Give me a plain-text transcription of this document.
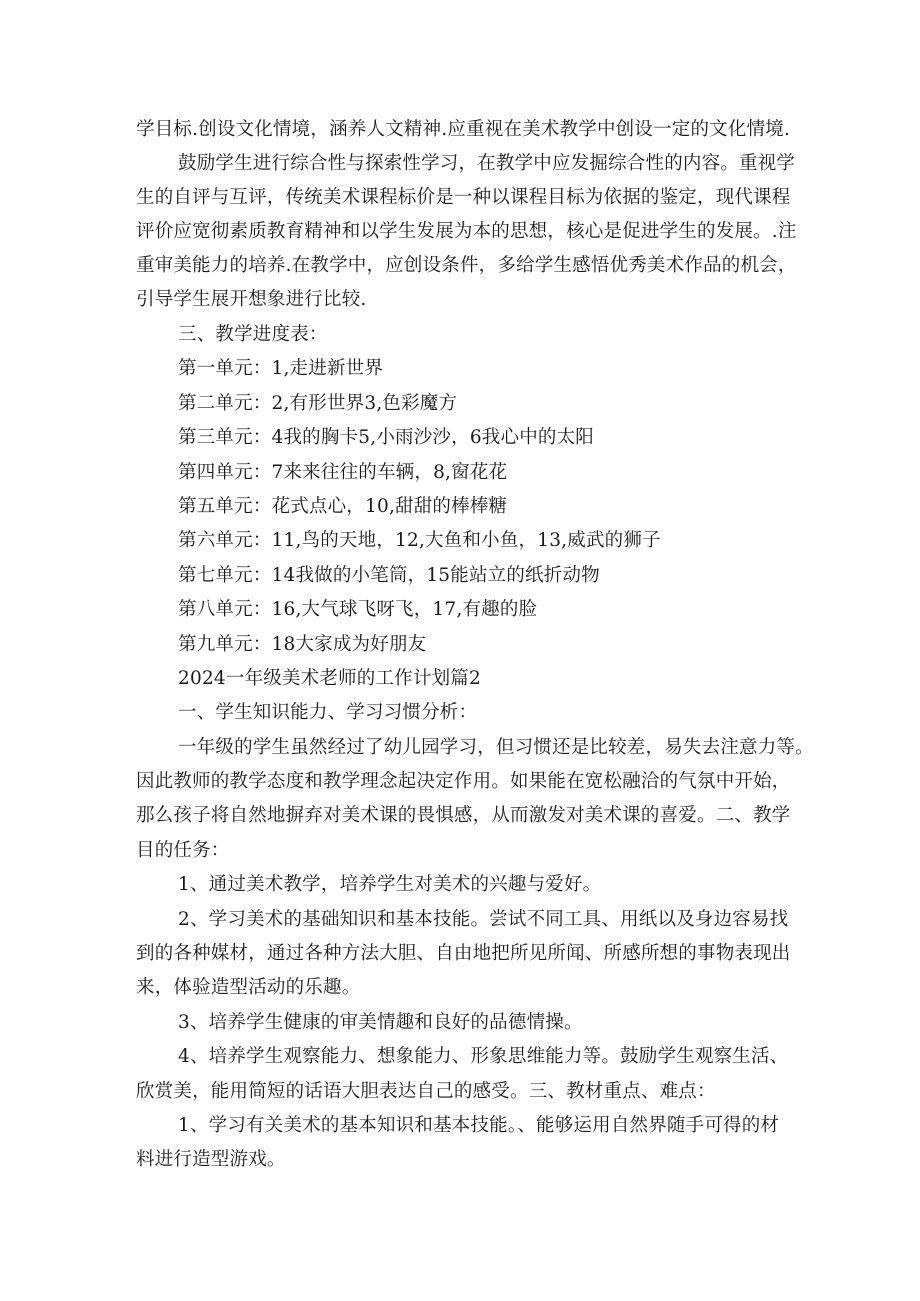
学目标.创设文化情境，涵养人文精神.应重视在美术教学中创设一定的文化情境.
鼓励学生进行综合性与探索性学习，在教学中应发掘综合性的内容。重视学
生的自评与互评，传统美术课程标价是一种以课程目标为依据的鉴定，现代课程
评价应宽彻素质教育精神和以学生发展为本的思想，核心是促进学生的发展。.注
重审美能力的培养.在教学中，应创设条件，多给学生感悟优秀美术作品的机会，
引导学生展开想象进行比较.
三、教学进度表：
第一单元：1,走进新世界
第二单元：2,有形世界3,色彩魔方
第三单元：4我的胸卡5,小雨沙沙，6我心中的太阳
第四单元：7来来往往的车辆，8,窗花花
第五单元：花式点心，10,甜甜的棒棒糖
第六单元：11,鸟的天地，12,大鱼和小鱼，13,威武的狮子
第七单元：14我做的小笔筒，15能站立的纸折动物
第八单元：16,大气球飞呀飞，17,有趣的脸
第九单元：18大家成为好朋友
2024一年级美术老师的工作计划篇2
一、学生知识能力、学习习惯分析：
一年级的学生虽然经过了幼儿园学习，但习惯还是比较差，易失去注意力等。
因此教师的教学态度和教学理念起决定作用。如果能在宽松融洽的气氛中开始，
那么孩子将自然地摒弃对美术课的畏惧感，从而激发对美术课的喜爱。二、教学
目的任务：
1、通过美术教学，培养学生对美术的兴趣与爱好。
2、学习美术的基础知识和基本技能。尝试不同工具、用纸以及身边容易找
到的各种媒材，通过各种方法大胆、自由地把所见所闻、所感所想的事物表现出
来，体验造型活动的乐趣。
3、培养学生健康的审美情趣和良好的品德情操。
4、培养学生观察能力、想象能力、形象思维能力等。鼓励学生观察生活、
欣赏美，能用简短的话语大胆表达自己的感受。三、教材重点、难点：
1、学习有关美术的基本知识和基本技能。、能够运用自然界随手可得的材
料进行造型游戏。
